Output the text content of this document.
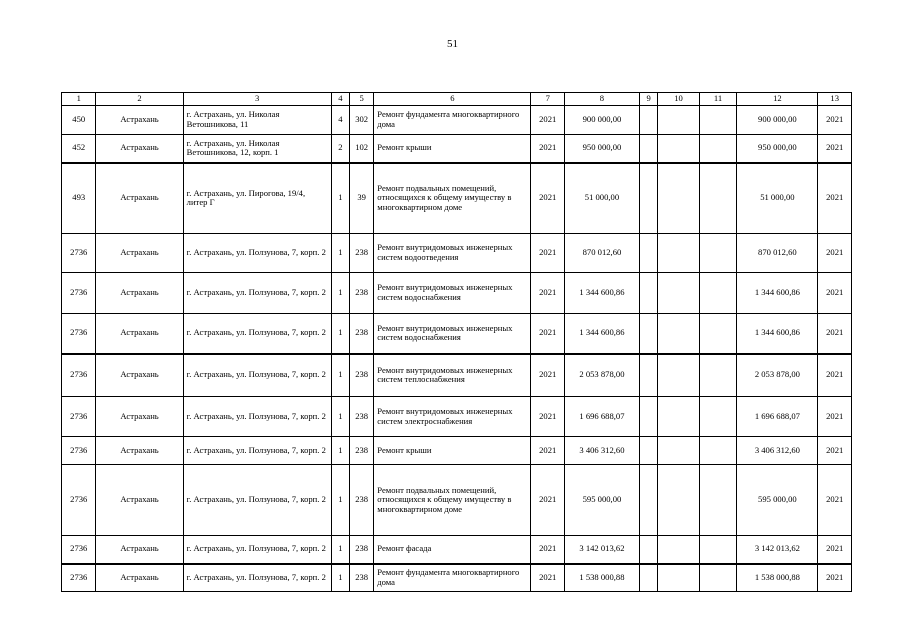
51
1	2	3	4	5	6	7	8	9	10	11	12	13
450	Астрахань	г. Астрахань, ул. Николая Ветошникова, 11	4	302	Ремонт фундамента многоквартирного дома	2021	900 000,00				900 000,00	2021
452	Астрахань	г. Астрахань, ул. Николая Ветошникова, 12, корп. 1	2	102	Ремонт крыши	2021	950 000,00				950 000,00	2021
493	Астрахань	г. Астрахань, ул. Пирогова, 19/4, литер Г	1	39	Ремонт подвальных помещений, относящихся к общему имуществу в многоквартирном доме	2021	51 000,00				51 000,00	2021
2736	Астрахань	г. Астрахань, ул. Ползунова, 7, корп. 2	1	238	Ремонт внутридомовых инженерных систем водоотведения	2021	870 012,60				870 012,60	2021
2736	Астрахань	г. Астрахань, ул. Ползунова, 7, корп. 2	1	238	Ремонт внутридомовых инженерных систем водоснабжения	2021	1 344 600,86				1 344 600,86	2021
2736	Астрахань	г. Астрахань, ул. Ползунова, 7, корп. 2	1	238	Ремонт внутридомовых инженерных систем водоснабжения	2021	1 344 600,86				1 344 600,86	2021
2736	Астрахань	г. Астрахань, ул. Ползунова, 7, корп. 2	1	238	Ремонт внутридомовых инженерных систем теплоснабжения	2021	2 053 878,00				2 053 878,00	2021
2736	Астрахань	г. Астрахань, ул. Ползунова, 7, корп. 2	1	238	Ремонт внутридомовых инженерных систем электроснабжения	2021	1 696 688,07				1 696 688,07	2021
2736	Астрахань	г. Астрахань, ул. Ползунова, 7, корп. 2	1	238	Ремонт крыши	2021	3 406 312,60				3 406 312,60	2021
2736	Астрахань	г. Астрахань, ул. Ползунова, 7, корп. 2	1	238	Ремонт подвальных помещений, относящихся к общему имуществу в многоквартирном доме	2021	595 000,00				595 000,00	2021
2736	Астрахань	г. Астрахань, ул. Ползунова, 7, корп. 2	1	238	Ремонт фасада	2021	3 142 013,62				3 142 013,62	2021
2736	Астрахань	г. Астрахань, ул. Ползунова, 7, корп. 2	1	238	Ремонт фундамента многоквартирного дома	2021	1 538 000,88				1 538 000,88	2021
